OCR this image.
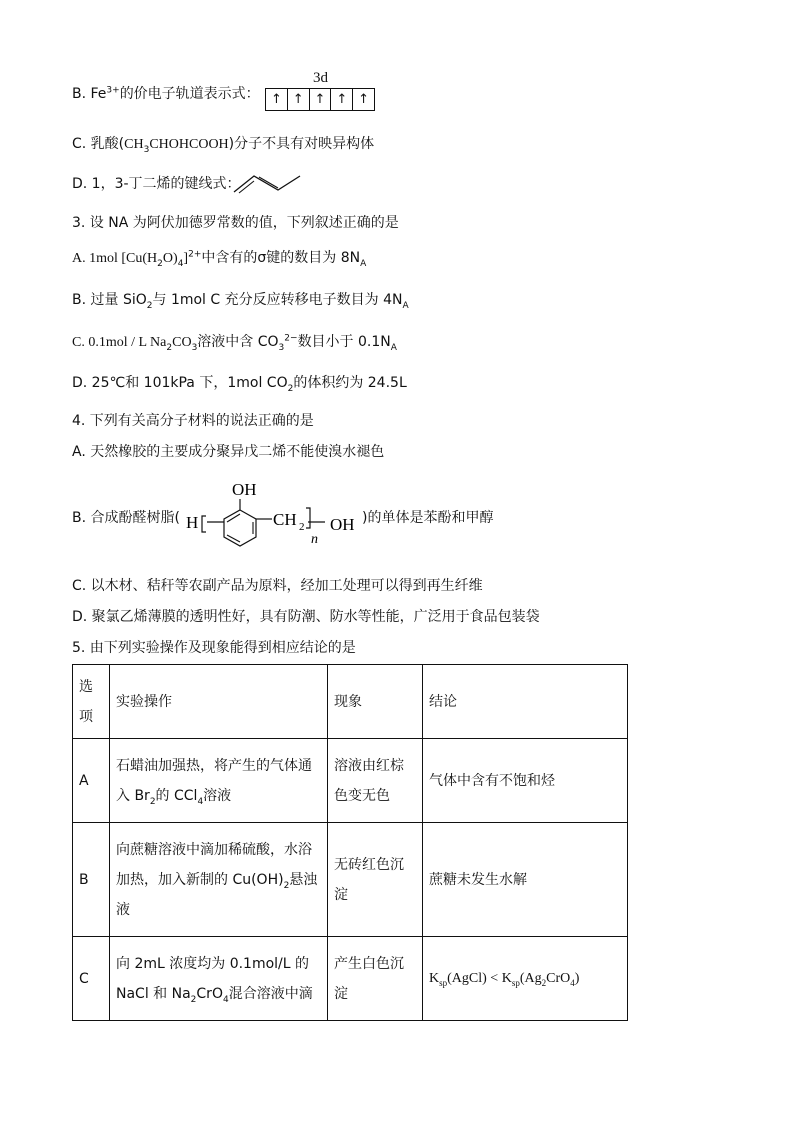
B. $Fe^{3+}$的价电子轨道表示式：
3d
↑ ↑ ↑ ↑ ↑
C. 乳酸$(CH_3CHOHCOOH)$分子不具有对映异构体
D. 1，3-丁二烯的键线式：
3. 设 NA 为阿伏加德罗常数的值，下列叙述正确的是
A. 1mol $[Cu(H_2O)_4]^{2+}$中含有的σ键的数目为 $8N_A$
B. 过量 SiO$_2$与 1mol C 充分反应转移电子数目为 $4N_A$
C. 0.1mol / L $Na_2CO_3$溶液中含 $CO_3^{2-}$数目小于 $0.1N_A$
D. 25℃和 101kPa 下，1mol $CO_2$的体积约为 24.5L
4. 下列有关高分子材料的说法正确的是
A. 天然橡胶的主要成分聚异戊二烯不能使溴水褪色
B. 合成酚醛树脂(
OH
H	CH 2
n
OH )的单体是苯酚和甲醇
C. 以木材、秸秆等农副产品为原料，经加工处理可以得到再生纤维
D. 聚氯乙烯薄膜的透明性好，具有防潮、防水等性能，广泛用于食品包装袋
5. 由下列实验操作及现象能得到相应结论的是
选项	实验操作	现象	结论
A	石蜡油加强热，将产生的气体通入 $Br_2$的 CCl$_4$溶液	溶液由红棕色变无色	气体中含有不饱和烃
B	向蔗糖溶液中滴加稀硫酸，水浴加热，加入新制的 $Cu(OH)_2$悬浊液	无砖红色沉淀	蔗糖未发生水解
C	向 2mL 浓度均为 0.1mol/L 的 NaCl 和 $Na_2CrO_4$混合溶液中滴	产生白色沉淀	$K_{sp}(AgCl) < K_{sp}(Ag_2CrO_4)$
